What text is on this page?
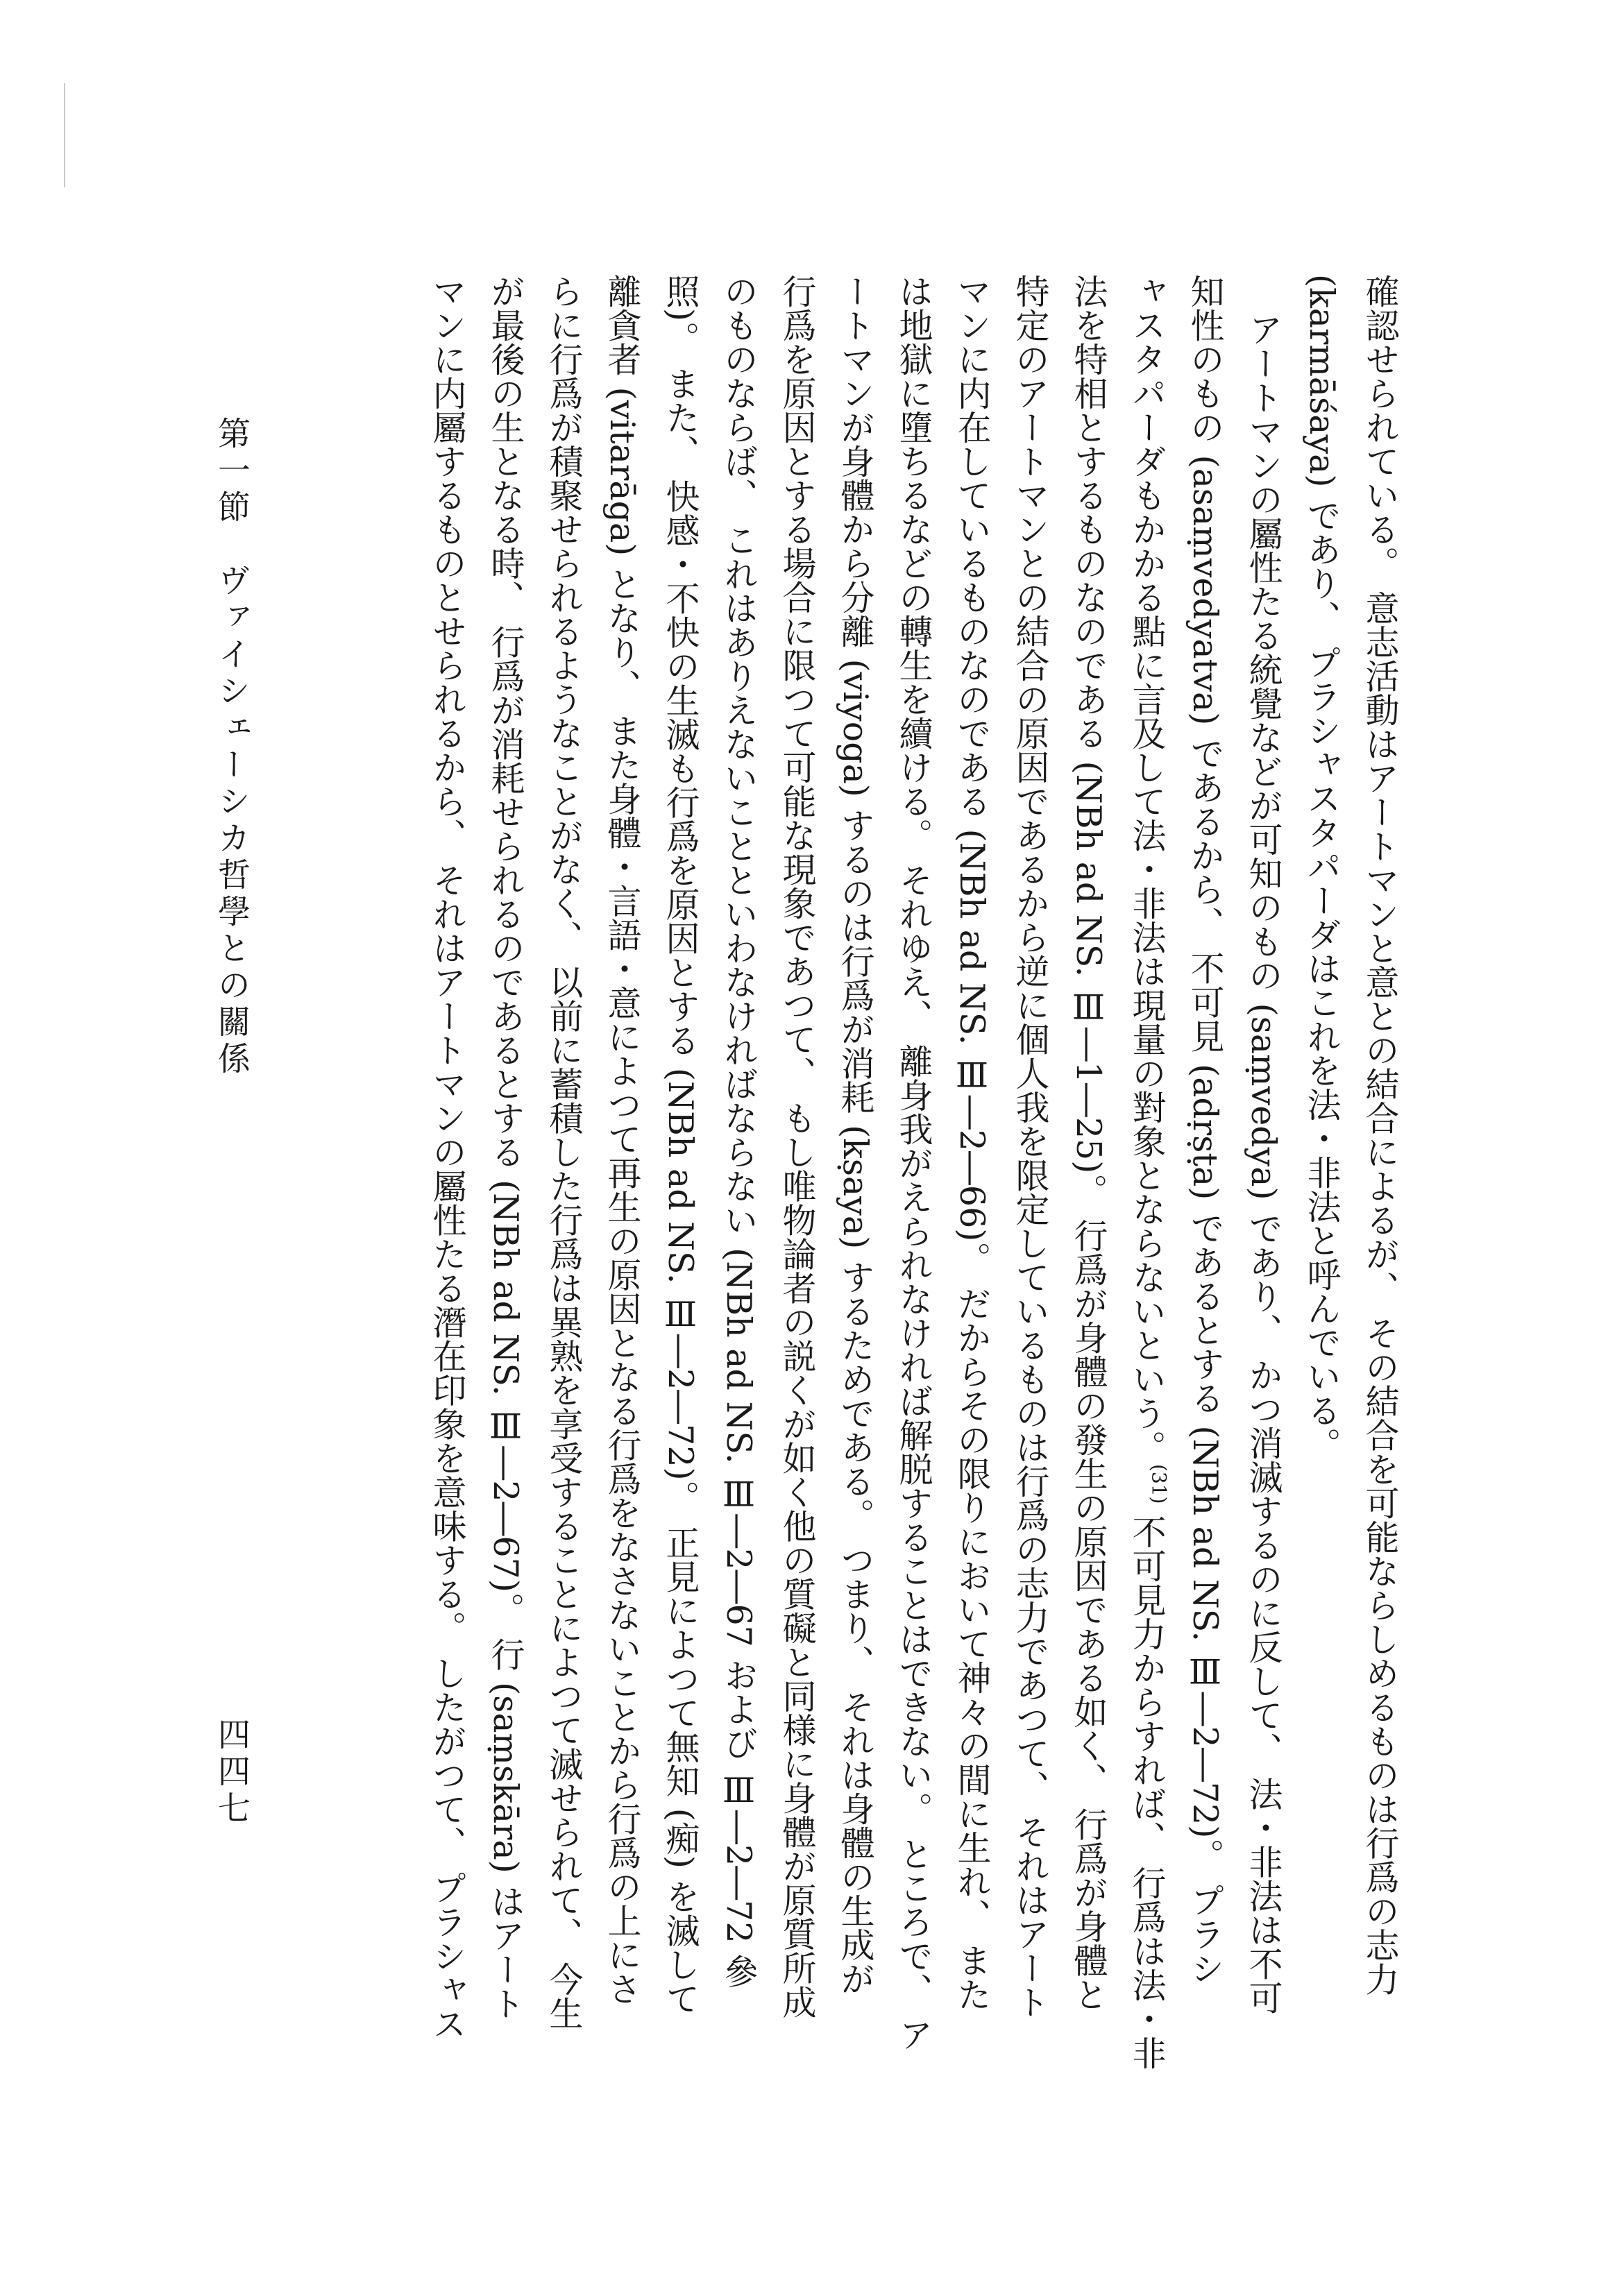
確認せられている。 意志活動はアートマンと意との結合によるが、 その結合を可能ならしめるものは行爲の志力
(karmāśaya) であり、 プラシャスタパーダはこれを法・非法と呼んでいる。
アートマンの屬性たる統覺などが可知のもの (saṃvedya) であり、 かつ消滅するのに反して、 法・非法は不可
知性のもの (asaṃvedyatva) であるから、 不可見 (adṛṣṭa) であるとする (NBh ad NS. Ⅲ―2―72)。 プラシ
ャスタパーダもかかる點に言及して法・非法は現量の對象とならないという。$^{(31)}$ 不可見力からすれば、 行爲は法・非
法を特相とするものなのである (NBh ad NS. Ⅲ―1―25)。 行爲が身體の發生の原因である如く、 行爲が身體と
特定のアートマンとの結合の原因であるから逆に個人我を限定しているものは行爲の志力であつて、 それはアート
マンに内在しているものなのである (NBh ad NS. Ⅲ―2―66)。 だからその限りにおいて神々の間に生れ、 また
は地獄に墮ちるなどの轉生を續ける。 それゆえ、 離身我がえられなければ解脱することはできない。 ところで、 ア
ートマンが身體から分離 (viyoga) するのは行爲が消耗 (kṣaya) するためである。 つまり、 それは身體の生成が
行爲を原因とする場合に限つて可能な現象であつて、 もし唯物論者の説くが如く他の質礙と同様に身體が原質所成
のものならば、 これはありえないことといわなければならない (NBh ad NS. Ⅲ―2―67 および Ⅲ―2―72 參
照)。 また、 快感・不快の生滅も行爲を原因とする (NBh ad NS. Ⅲ―2―72)。 正見によつて無知 (痴) を滅して
離貪者 (vitarāga) となり、 また身體・言語・意によつて再生の原因となる行爲をなさないことから行爲の上にさ
らに行爲が積聚せられるようなことがなく、 以前に蓄積した行爲は異熟を享受することによつて滅せられて、 今生
が最後の生となる時、 行爲が消耗せられるのであるとする (NBh ad NS. Ⅲ―2―67)。 行 (saṃskāra) はアート
マンに内屬するものとせられるから、 それはアートマンの屬性たる潛在印象を意味する。 したがつて、 プラシャス
第一節　ヴァイシェーシカ哲學との關係
四四七
